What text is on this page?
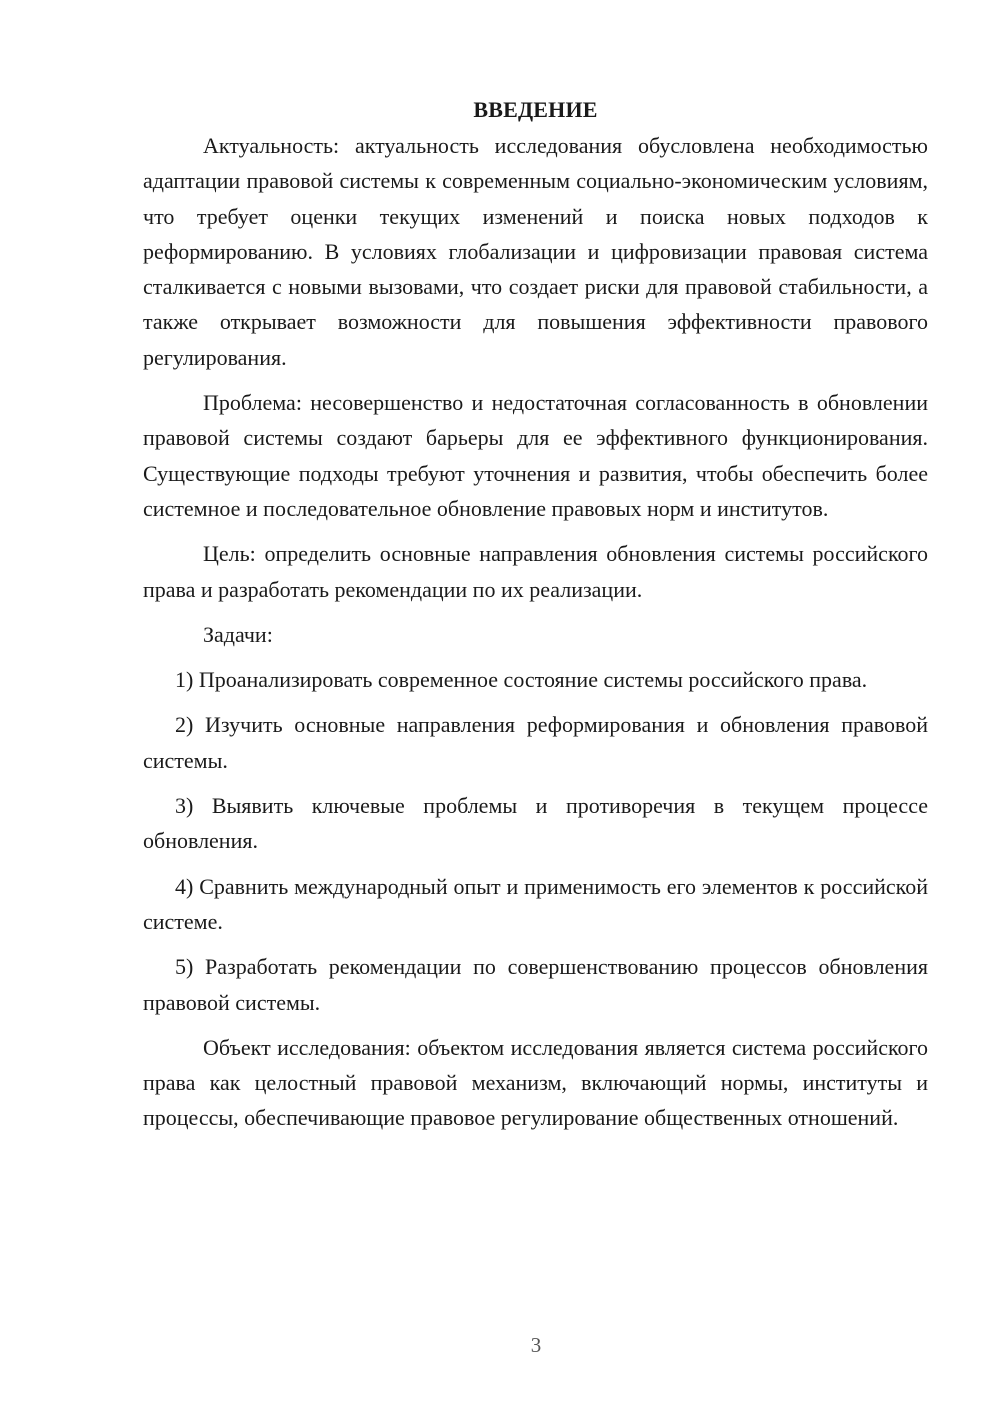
ВВЕДЕНИЕ

Актуальность: актуальность исследования обусловлена необходимостью адаптации правовой системы к современным социально-экономическим условиям, что требует оценки текущих изменений и поиска новых подходов к реформированию. В условиях глобализации и цифровизации правовая система сталкивается с новыми вызовами, что создает риски для правовой стабильности, а также открывает возможности для повышения эффективности правового регулирования.

Проблема: несовершенство и недостаточная согласованность в обновлении правовой системы создают барьеры для ее эффективного функционирования. Существующие подходы требуют уточнения и развития, чтобы обеспечить более системное и последовательное обновление правовых норм и институтов.

Цель: определить основные направления обновления системы российского права и разработать рекомендации по их реализации.

Задачи:

1) Проанализировать современное состояние системы российского права.

2) Изучить основные направления реформирования и обновления правовой системы.

3) Выявить ключевые проблемы и противоречия в текущем процессе обновления.

4) Сравнить международный опыт и применимость его элементов к российской системе.

5) Разработать рекомендации по совершенствованию процессов обновления правовой системы.

Объект исследования: объектом исследования является система российского права как целостный правовой механизм, включающий нормы, институты и процессы, обеспечивающие правовое регулирование общественных отношений.

3
